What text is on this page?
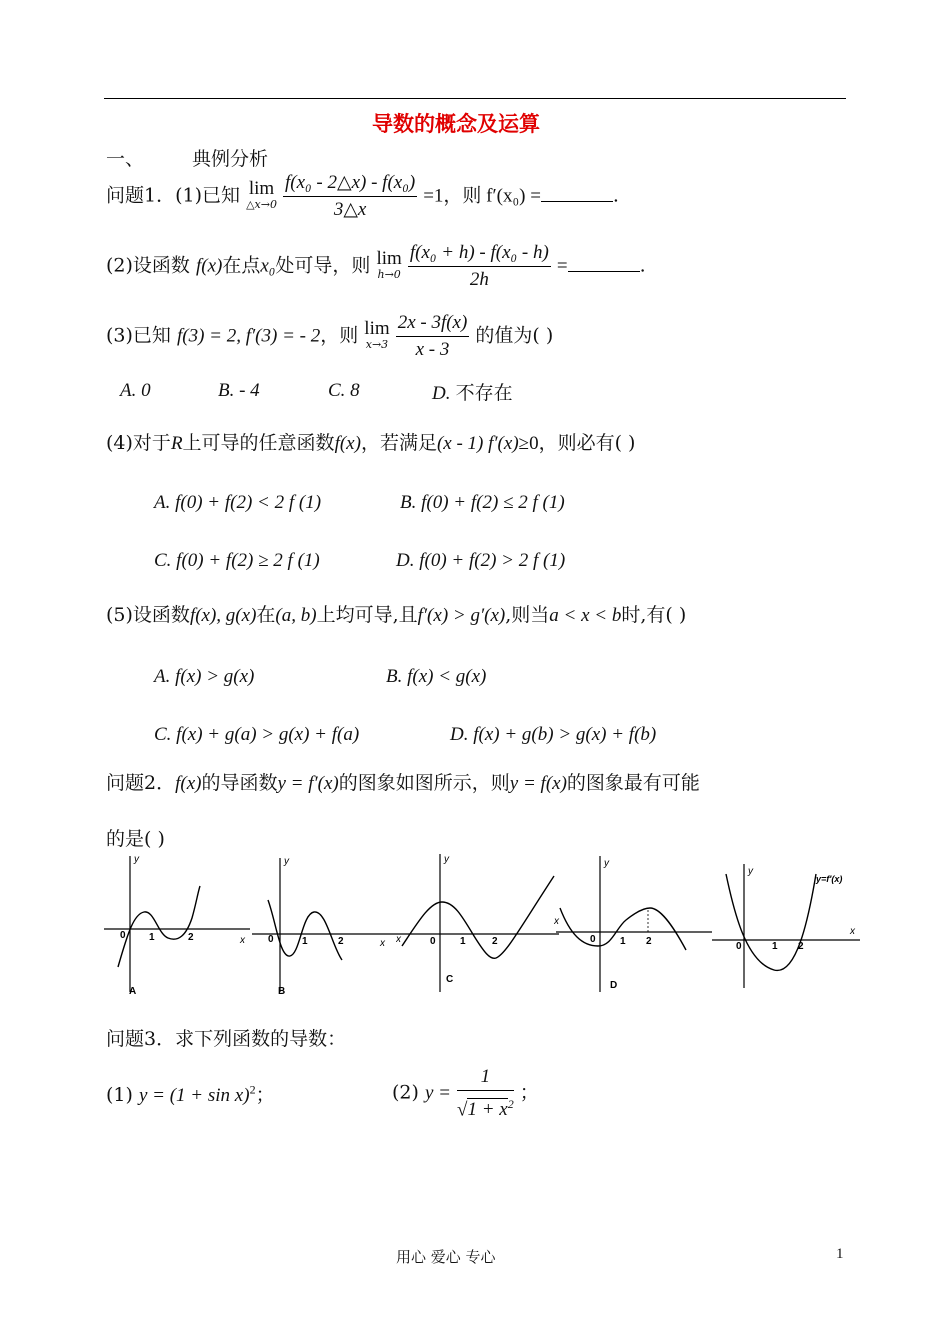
导数的概念及运算
一、	典例分析
问题1．(1)已知 lim
△x→0
$\frac{\text{f(x₀ - 2△x) - f(x₀)}}{3\triangle x} =1$，则 f′(x₀) =	.
(2)设函数 f(x)在点x₀处可导，则 lim
h→0
$\frac{\text{f(x₀ + h) - f(x₀ - h)}}{2h}$ =	.
(3)已知 f(3) = 2, f′(3) = - 2，则 lim
x→3
$\frac{2x - 3f(x)}{x - 3}$ 的值为( )
A. 0	B. - 4	C. 8	D. 不存在
(4)对于R上可导的任意函数f(x)，若满足(x - 1) f′(x)≥0，则必有( )
A. f(0) + f(2) < 2 f (1)	B. f(0) + f(2) ≤ 2 f (1)
C. f(0) + f(2) ≥ 2 f (1)	D. f(0) + f(2) > 2 f (1)
(5)设函数f(x), g(x)在(a, b)上均可导,且f′(x) > g′(x),则当a < x < b时,有( )
A. f(x) > g(x)	B. f(x) < g(x)
C. f(x) + g(a) > g(x) + f(a)	D. f(x) + g(b) > g(x) + f(b)
问题2．f(x)的导函数y = f′(x)的图象如图所示，则y = f(x)的图象最有可能
的是( )
y
0 1	2	x
A
y
0	1	2	x
B
y
0 1	2
x
C
y
0 1 2
x
D
y
0	1 2
x
y=f′(x)
问题3．求下列函数的导数：
(1) $y = (1 + \sin x)^2$；	(2) $y = \frac{1}{√1 + x^2}$ ；
用心 爱心 专心	1
